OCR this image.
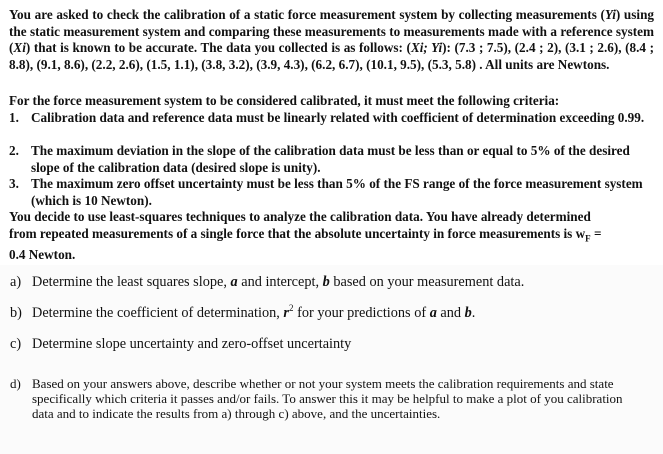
You are asked to check the calibration of a static force measurement system by collecting measurements (Yi) using the static measurement system and comparing these measurements to measurements made with a reference system (Xi) that is known to be accurate. The data you collected is as follows: (Xi; Yi): (7.3 ; 7.5), (2.4 ; 2), (3.1 ; 2.6), (8.4 ; 8.8), (9.1, 8.6), (2.2, 2.6), (1.5, 1.1), (3.8, 3.2), (3.9, 4.3), (6.2, 6.7), (10.1, 9.5), (5.3, 5.8) . All units are Newtons.
For the force measurement system to be considered calibrated, it must meet the following criteria:
1. Calibration data and reference data must be linearly related with coefficient of determination exceeding 0.99.
2. The maximum deviation in the slope of the calibration data must be less than or equal to 5% of the desired slope of the calibration data (desired slope is unity).
3. The maximum zero offset uncertainty must be less than 5% of the FS range of the force measurement system (which is 10 Newton).
You decide to use least-squares techniques to analyze the calibration data. You have already determined from repeated measurements of a single force that the absolute uncertainty in force measurements is $w_F = 0.4$ Newton.
a) Determine the least squares slope, a and intercept, b based on your measurement data.
b) Determine the coefficient of determination, $r^2$ for your predictions of a and b.
c) Determine slope uncertainty and zero-offset uncertainty
d) Based on your answers above, describe whether or not your system meets the calibration requirements and state specifically which criteria it passes and/or fails. To answer this it may be helpful to make a plot of you calibration data and to indicate the results from a) through c) above, and the uncertainties.
